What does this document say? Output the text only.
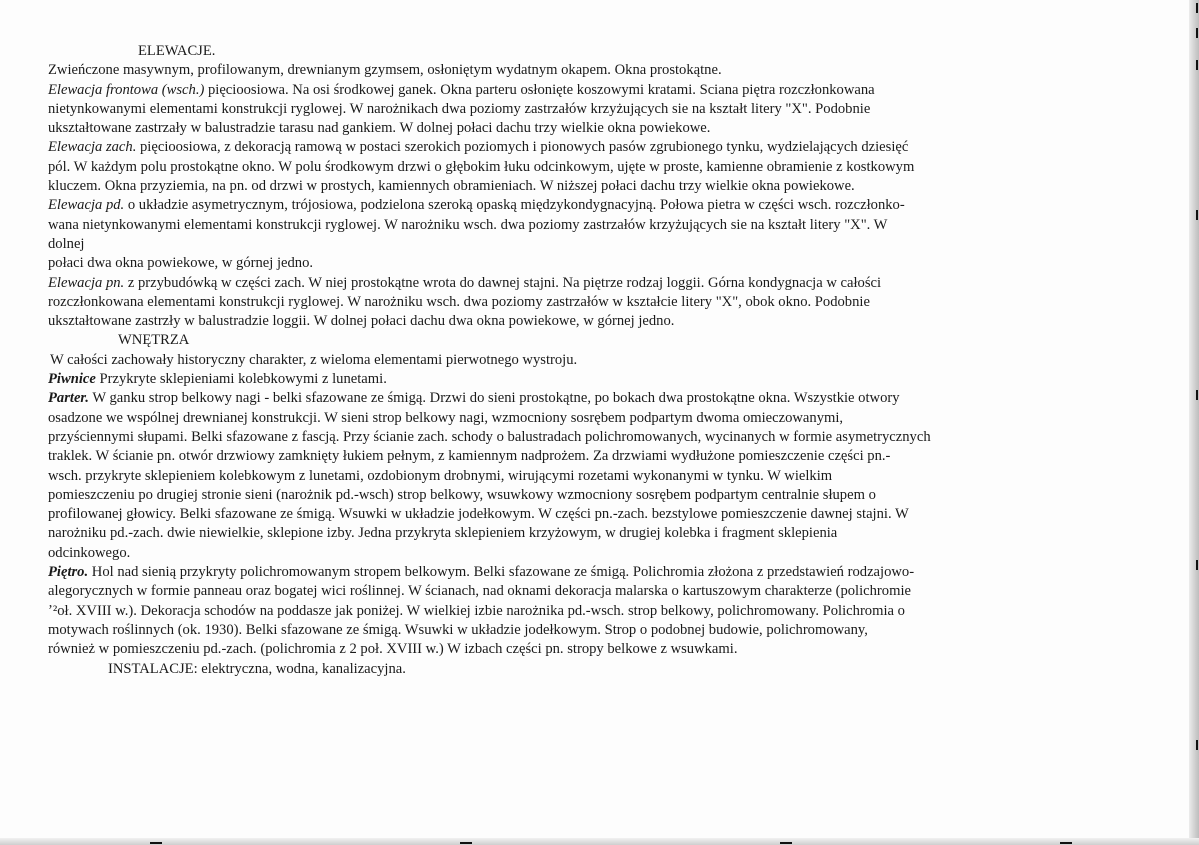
ELEWACJE.
Zwieńczone masywnym, profilowanym, drewnianym gzymsem, osłoniętym wydatnym okapem. Okna prostokątne.
Elewacja frontowa (wsch.) pięcioosiowa. Na osi środkowej ganek. Okna parteru osłonięte koszowymi kratami. Sciana piętra rozczłonkowana
nietynkowanymi elementami konstrukcji ryglowej. W narożnikach dwa poziomy zastrzałów krzyżujących sie na kształt litery "X". Podobnie
ukształtowane zastrzały w balustradzie tarasu nad gankiem. W dolnej połaci dachu trzy wielkie okna powiekowe.
Elewacja zach. pięcioosiowa, z dekoracją ramową w postaci szerokich poziomych i pionowych pasów zgrubionego tynku, wydzielających dziesięć
pól. W każdym polu prostokątne okno. W polu środkowym drzwi o głębokim łuku odcinkowym, ujęte w proste, kamienne obramienie z kostkowym
kluczem. Okna przyziemia, na pn. od drzwi w prostych, kamiennych obramieniach. W niższej połaci dachu trzy wielkie okna powiekowe.
Elewacja pd. o układzie asymetrycznym, trójosiowa, podzielona szeroką opaską międzykondygnacyjną. Połowa pietra w części wsch. rozczłonko-
wana nietynkowanymi elementami konstrukcji ryglowej. W narożniku wsch. dwa poziomy zastrzałów krzyżujących sie na kształt litery "X". W
dolnej
połaci dwa okna powiekowe, w górnej jedno.
Elewacja pn. z przybudówką w części zach. W niej prostokątne wrota do dawnej stajni. Na piętrze rodzaj loggii. Górna kondygnacja w całości
rozczłonkowana elementami konstrukcji ryglowej. W narożniku wsch. dwa poziomy zastrzałów w kształcie litery "X", obok okno. Podobnie
ukształtowane zastrzły w balustradzie loggii. W dolnej połaci dachu dwa okna powiekowe, w górnej jedno.
WNĘTRZA
W całości zachowały historyczny charakter, z wieloma elementami pierwotnego wystroju.
Piwnice Przykryte sklepieniami kolebkowymi z lunetami.
Parter. W ganku strop belkowy nagi - belki sfazowane ze śmigą. Drzwi do sieni prostokątne, po bokach dwa prostokątne okna. Wszystkie otwory
osadzone we wspólnej drewnianej konstrukcji. W sieni strop belkowy nagi, wzmocniony sosrębem podpartym dwoma omieczowanymi,
przyściennymi słupami. Belki sfazowane z fascją. Przy ścianie zach. schody o balustradach polichromowanych, wycinanych w formie asymetrycznych
traklek. W ścianie pn. otwór drzwiowy zamknięty łukiem pełnym, z kamiennym nadprożem. Za drzwiami wydłużone pomieszczenie części pn.-
wsch. przykryte sklepieniem kolebkowym z lunetami, ozdobionym drobnymi, wirującymi rozetami wykonanymi w tynku. W wielkim
pomieszczeniu po drugiej stronie sieni (narożnik pd.-wsch) strop belkowy, wsuwkowy wzmocniony sosrębem podpartym centralnie słupem o
profilowanej głowicy. Belki sfazowane ze śmigą. Wsuwki w układzie jodełkowym. W części pn.-zach. bezstylowe pomieszczenie dawnej stajni. W
narożniku pd.-zach. dwie niewielkie, sklepione izby. Jedna przykryta sklepieniem krzyżowym, w drugiej kolebka i fragment sklepienia
odcinkowego.
Piętro. Hol nad sienią przykryty polichromowanym stropem belkowym. Belki sfazowane ze śmigą. Polichromia złożona z przedstawień rodzajowo-
alegorycznych w formie panneau oraz bogatej wici roślinnej. W ścianach, nad oknami dekoracja malarska o kartuszowym charakterze (polichromie
ʼ²oł. XVIII w.). Dekoracja schodów na poddasze jak poniżej. W wielkiej izbie narożnika pd.-wsch. strop belkowy, polichromowany. Polichromia o
motywach roślinnych (ok. 1930). Belki sfazowane ze śmigą. Wsuwki w układzie jodełkowym. Strop o podobnej budowie, polichromowany,
również w pomieszczeniu pd.-zach. (polichromia z 2 poł. XVIII w.) W izbach części pn. stropy belkowe z wsuwkami.
INSTALACJE: elektryczna, wodna, kanalizacyjna.
